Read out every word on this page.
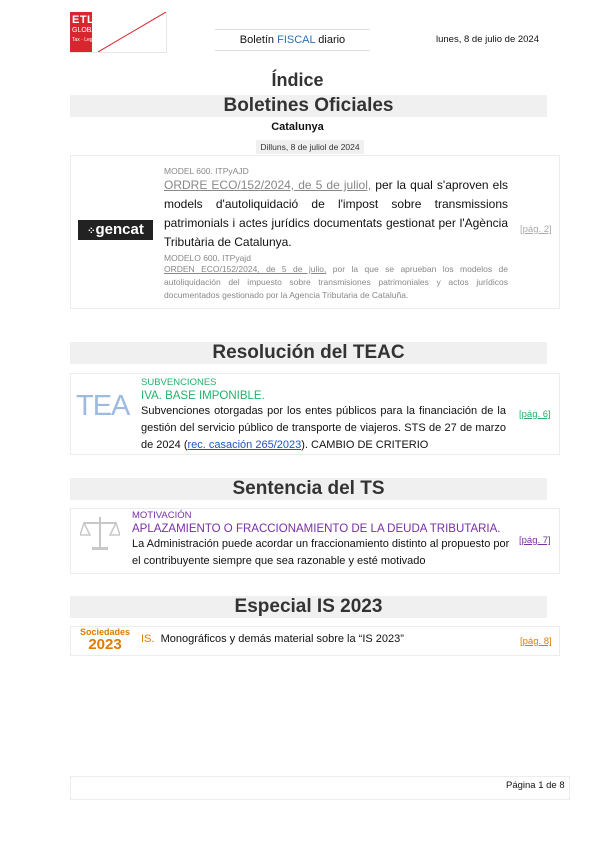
ETL
GLOBAL
Tax · Legal · Audit	Boletín FISCAL diario	lunes, 8 de julio de 2024
Índice
Boletines Oficiales
Catalunya
Dilluns, 8 de juliol de 2024
⁘gencat
MODEL 600. ITPyAJD
ORDRE ECO/152/2024, de 5 de juliol, per la qual s'aproven els models d'autoliquidació de l'impost sobre transmissions patrimonials i actes jurídics documentats gestionat per l'Agència Tributària de Catalunya.
MODELO 600. ITPyajd
ORDEN ECO/152/2024, de 5 de julio, por la que se aprueban los modelos de autoliquidación del impuesto sobre transmisiones patrimoniales y actos jurídicos documentados gestionado por la Agencia Tributaria de Cataluña.
[pág. 2]
Resolución del TEAC
TEA
SUBVENCIONES
IVA. BASE IMPONIBLE.
Subvenciones otorgadas por los entes públicos para la financiación de la gestión del servicio público de transporte de viajeros. STS de 27 de marzo de 2024 (rec. casación 265/2023). CAMBIO DE CRITERIO
[pág. 6]
Sentencia del TS
MOTIVACIÓN
APLAZAMIENTO O FRACCIONAMIENTO DE LA DEUDA TRIBUTARIA.
La Administración puede acordar un fraccionamiento distinto al propuesto por el contribuyente siempre que sea razonable y esté motivado
[pág. 7]
Especial IS 2023
Sociedades
2023	IS. Monográficos y demás material sobre la “IS 2023”	[pág. 8]
Página 1 de 8
